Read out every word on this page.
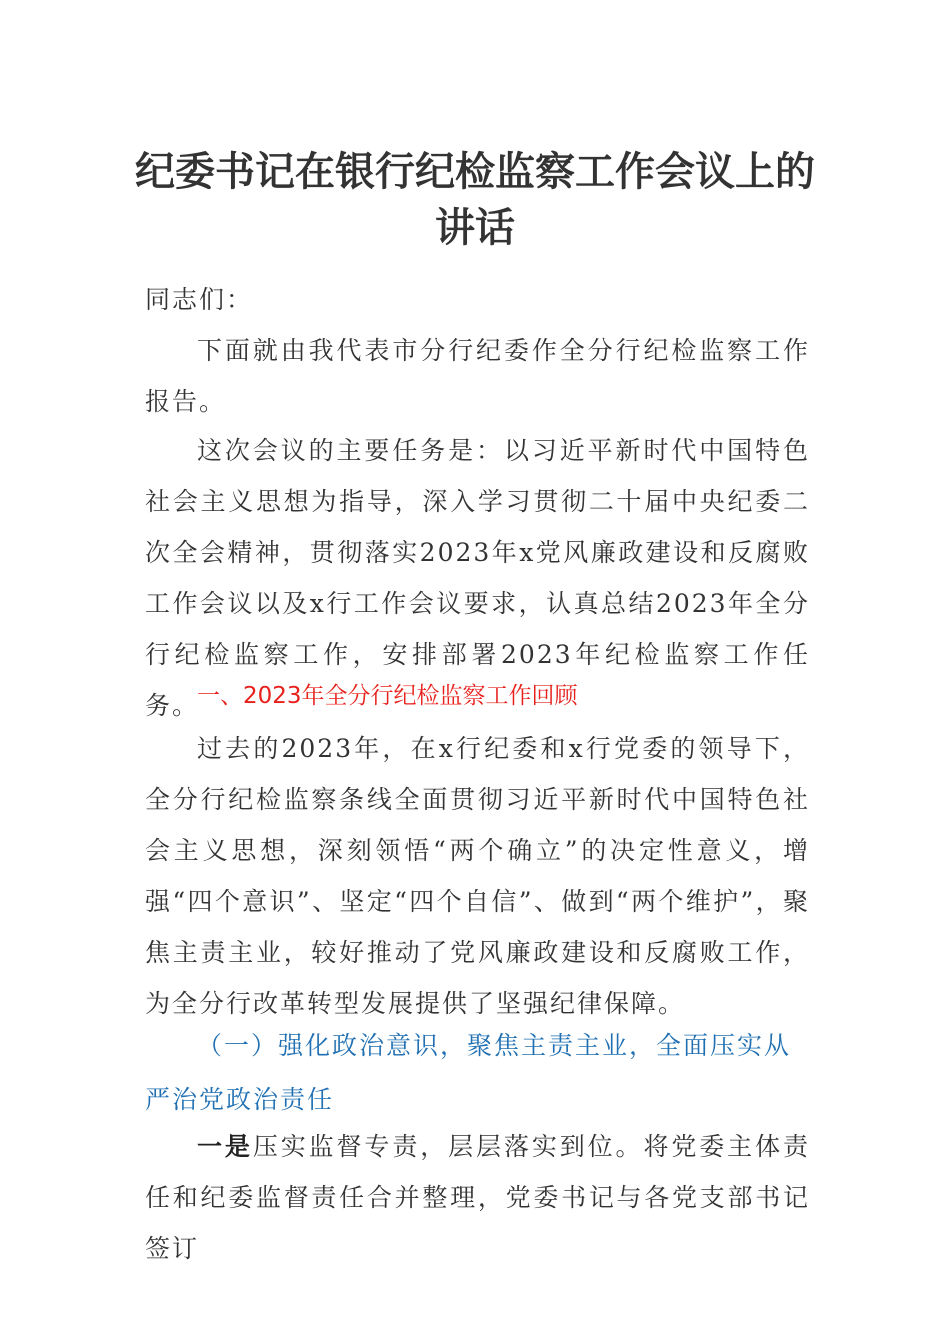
纪委书记在银行纪检监察工作会议上的
讲话

同志们：

下面就由我代表市分行纪委作全分行纪检监察工作报告。

这次会议的主要任务是：以习近平新时代中国特色社会主义思想为指导，深入学习贯彻二十届中央纪委二次全会精神，贯彻落实2023年x党风廉政建设和反腐败工作会议以及x行工作会议要求，认真总结2023年全分行纪检监察工作，安排部署2023年纪检监察工作任务。

一、2023年全分行纪检监察工作回顾

过去的2023年，在x行纪委和x行党委的领导下，全分行纪检监察条线全面贯彻习近平新时代中国特色社会主义思想，深刻领悟“两个确立”的决定性意义，增强“四个意识”、坚定“四个自信”、做到“两个维护”，聚焦主责主业，较好推动了党风廉政建设和反腐败工作，为全分行改革转型发展提供了坚强纪律保障。

（一）强化政治意识，聚焦主责主业，全面压实从严治党政治责任

一是压实监督专责，层层落实到位。将党委主体责任和纪委监督责任合并整理，党委书记与各党支部书记签订
